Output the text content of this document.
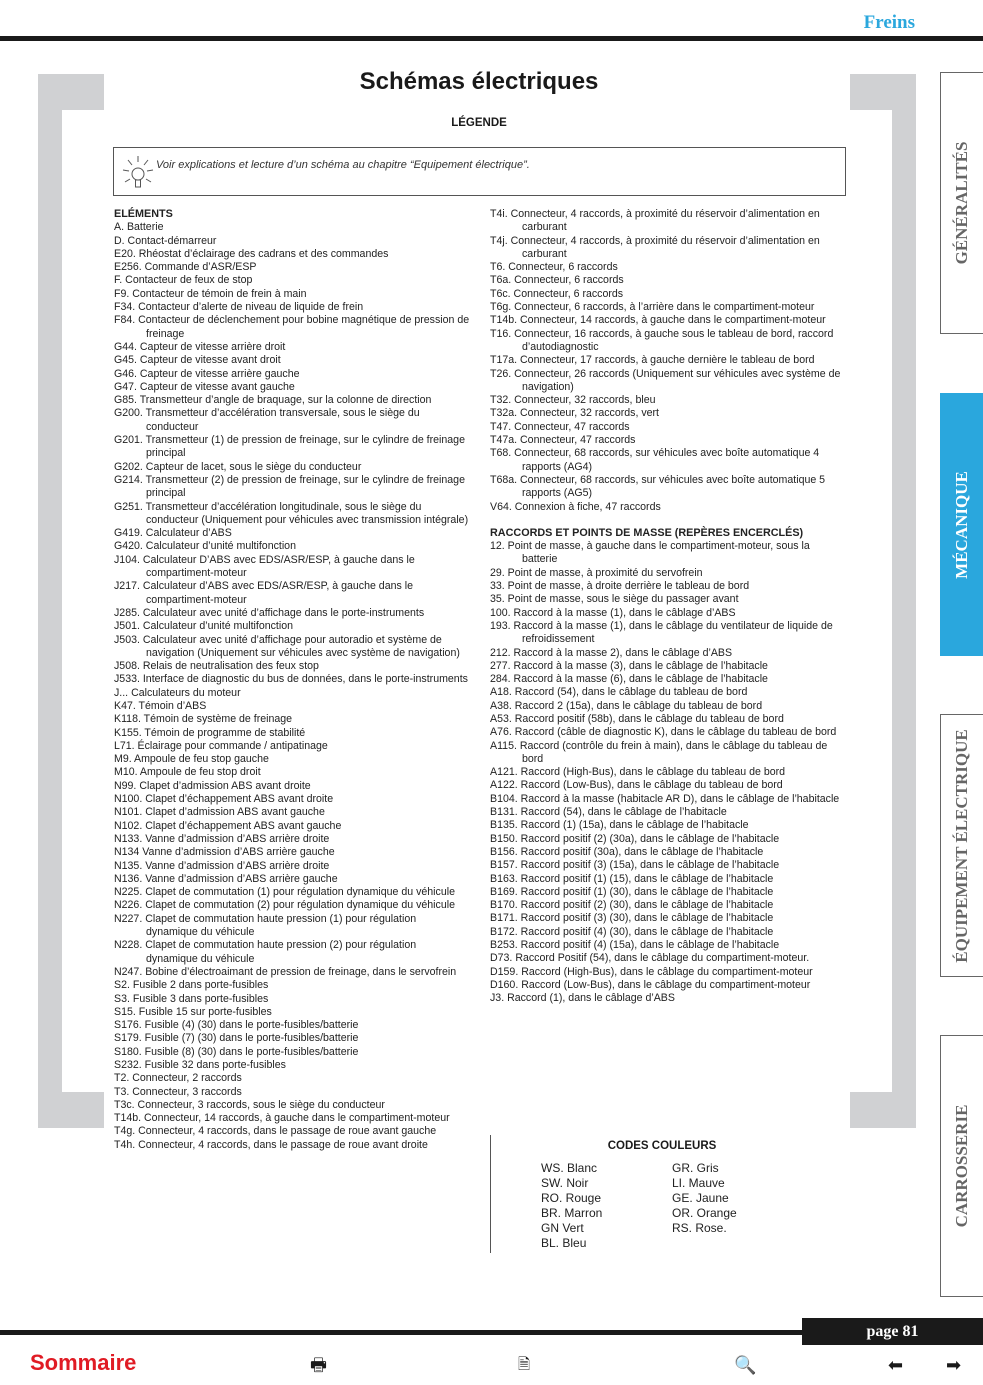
Freins
Schémas électriques
LÉGENDE
Voir explications et lecture d’un schéma au chapitre “Equipement électrique”.
ELÉMENTS
A. Batterie
D. Contact-démarreur
E20. Rhéostat d’éclairage des cadrans et des commandes
E256. Commande d’ASR/ESP
F. Contacteur de feux de stop
F9. Contacteur de témoin de frein à main
F34. Contacteur d’alerte de niveau de liquide de frein
F84. Contacteur de déclenchement pour bobine magnétique de pression de freinage
G44. Capteur de vitesse arrière droit
G45. Capteur de vitesse avant droit
G46. Capteur de vitesse arrière gauche
G47. Capteur de vitesse avant gauche
G85. Transmetteur d’angle de braquage, sur la colonne de direction
G200. Transmetteur d’accélération transversale, sous le siège du conducteur
G201. Transmetteur (1) de pression de freinage, sur le cylindre de freinage principal
G202. Capteur de lacet, sous le siège du conducteur
G214. Transmetteur (2) de pression de freinage, sur le cylindre de freinage principal
G251. Transmetteur d’accélération longitudinale, sous le siège du conducteur (Uniquement pour véhicules avec transmission intégrale)
G419. Calculateur d’ABS
G420. Calculateur d’unité multifonction
J104. Calculateur D’ABS avec EDS/ASR/ESP, à gauche dans le compartiment-moteur
J217. Calculateur d’ABS avec EDS/ASR/ESP, à gauche dans le compartiment-moteur
J285. Calculateur avec unité d’affichage dans le porte-instruments
J501. Calculateur d’unité multifonction
J503. Calculateur avec unité d’affichage pour autoradio et système de navigation (Uniquement sur véhicules avec système de navigation)
J508. Relais de neutralisation des feux stop
J533. Interface de diagnostic du bus de données, dans le porte-instruments
J... Calculateurs du moteur
K47. Témoin d’ABS
K118. Témoin de système de freinage
K155. Témoin de programme de stabilité
L71. Éclairage pour commande / antipatinage
M9. Ampoule de feu stop gauche
M10. Ampoule de feu stop droit
N99. Clapet d’admission ABS avant droite
N100. Clapet d’échappement ABS avant droite
N101. Clapet d’admission ABS avant gauche
N102. Clapet d’échappement ABS avant gauche
N133. Vanne d’admission d’ABS arrière droite
N134 Vanne d’admission d’ABS arrière gauche
N135. Vanne d’admission d’ABS arrière droite
N136. Vanne d’admission d’ABS arrière gauche
N225. Clapet de commutation (1) pour régulation dynamique du véhicule
N226. Clapet de commutation (2) pour régulation dynamique du véhicule
N227. Clapet de commutation haute pression (1) pour régulation dynamique du véhicule
N228. Clapet de commutation haute pression (2) pour régulation dynamique du véhicule
N247. Bobine d’électroaimant de pression de freinage, dans le servofrein
S2. Fusible 2 dans porte-fusibles
S3. Fusible 3 dans porte-fusibles
S15. Fusible 15 sur porte-fusibles
S176. Fusible (4) (30) dans le porte-fusibles/batterie
S179. Fusible (7) (30) dans le porte-fusibles/batterie
S180. Fusible (8) (30) dans le porte-fusibles/batterie
S232. Fusible 32 dans porte-fusibles
T2. Connecteur, 2 raccords
T3. Connecteur, 3 raccords
T3c. Connecteur, 3 raccords, sous le siège du conducteur
T14b. Connecteur, 14 raccords, à gauche dans le compartiment-moteur
T4g. Connecteur, 4 raccords, dans le passage de roue avant gauche
T4h. Connecteur, 4 raccords, dans le passage de roue avant droite
T4i. Connecteur, 4 raccords, à proximité du réservoir d’alimentation en carburant
T4j. Connecteur, 4 raccords, à proximité du réservoir d’alimentation en carburant
T6. Connecteur, 6 raccords
T6a. Connecteur, 6 raccords
T6c. Connecteur, 6 raccords
T6g. Connecteur, 6 raccords, à l’arrière dans le compartiment-moteur
T14b. Connecteur, 14 raccords, à gauche dans le compartiment-moteur
T16. Connecteur, 16 raccords, à gauche sous le tableau de bord, raccord d’autodiagnostic
T17a. Connecteur, 17 raccords, à gauche dernière le tableau de bord
T26. Connecteur, 26 raccords (Uniquement sur véhicules avec système de navigation)
T32. Connecteur, 32 raccords, bleu
T32a. Connecteur, 32 raccords, vert
T47. Connecteur, 47 raccords
T47a. Connecteur, 47 raccords
T68. Connecteur, 68 raccords, sur véhicules avec boîte automatique 4 rapports (AG4)
T68a. Connecteur, 68 raccords, sur véhicules avec boîte automatique 5 rapports (AG5)
V64. Connexion à fiche, 47 raccords
RACCORDS ET POINTS DE MASSE (REPÈRES ENCERCLÉS)
12. Point de masse, à gauche dans le compartiment-moteur, sous la batterie
29. Point de masse, à proximité du servofrein
33. Point de masse, à droite derrière le tableau de bord
35. Point de masse, sous le siège du passager avant
100. Raccord à la masse (1), dans le câblage d’ABS
193. Raccord à la masse (1), dans le câblage du ventilateur de liquide de refroidissement
212. Raccord à la masse 2), dans le câblage d’ABS
277. Raccord à la masse (3), dans le câblage de l’habitacle
284. Raccord à la masse (6), dans le câblage de l’habitacle
A18. Raccord (54), dans le câblage du tableau de bord
A38. Raccord 2 (15a), dans le câblage du tableau de bord
A53. Raccord positif (58b), dans le câblage du tableau de bord
A76. Raccord (câble de diagnostic K), dans le câblage du tableau de bord
A115. Raccord (contrôle du frein à main), dans le câblage du tableau de bord
A121. Raccord (High-Bus), dans le câblage du tableau de bord
A122. Raccord (Low-Bus), dans le câblage du tableau de bord
B104. Raccord à la masse (habitacle AR D), dans le câblage de l’habitacle
B131. Raccord (54), dans le câblage de l’habitacle
B135. Raccord (1) (15a), dans le câblage de l’habitacle
B150. Raccord positif (2) (30a), dans le câblage de l’habitacle
B156. Raccord positif (30a), dans le câblage de l’habitacle
B157. Raccord positif (3) (15a), dans le câblage de l’habitacle
B163. Raccord positif (1) (15), dans le câblage de l’habitacle
B169. Raccord positif (1) (30), dans le câblage de l’habitacle
B170. Raccord positif (2) (30), dans le câblage de l’habitacle
B171. Raccord positif (3) (30), dans le câblage de l’habitacle
B172. Raccord positif (4) (30), dans le câblage de l’habitacle
B253. Raccord positif (4) (15a), dans le câblage de l’habitacle
D73. Raccord Positif (54), dans le câblage du compartiment-moteur.
D159. Raccord (High-Bus), dans le câblage du compartiment-moteur
D160. Raccord (Low-Bus), dans le câblage du compartiment-moteur
J3. Raccord (1), dans le câblage d’ABS
CODES COULEURS
WS. Blanc
SW. Noir
RO. Rouge
BR. Marron
GN Vert
BL. Bleu
GR. Gris
LI. Mauve
GE. Jaune
OR. Orange
RS. Rose.
GÉNÉRALITÉS
MÉCANIQUE
ÉQUIPEMENT ÉLECTRIQUE
CARROSSERIE
page 81
Sommaire	🖶	🗎	🔍	⬅ ➡
